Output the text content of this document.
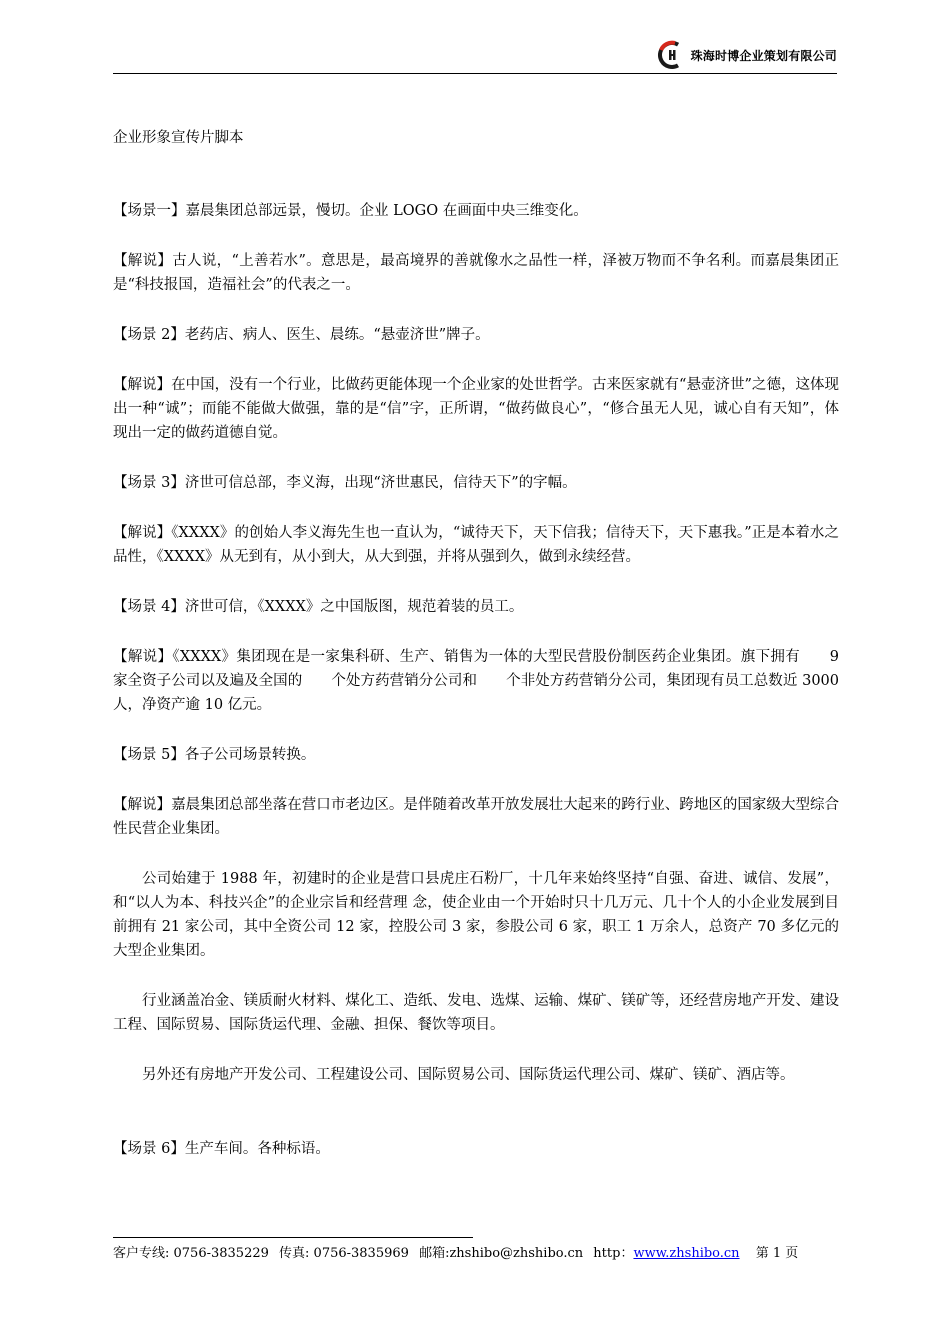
珠海时博企业策划有限公司
企业形象宣传片脚本

【场景一】嘉晨集团总部远景，慢切。企业 LOGO 在画面中央三维变化。

【解说】古人说，“上善若水”。意思是，最高境界的善就像水之品性一样，泽被万物而不争名利。而嘉晨集团正是“科技报国，造福社会”的代表之一。

【场景 2】老药店、病人、医生、晨练。“悬壶济世”牌子。

【解说】在中国，没有一个行业，比做药更能体现一个企业家的处世哲学。古来医家就有“悬壶济世”之德，这体现出一种“诚”；而能不能做大做强，靠的是“信”字，正所谓，“做药做良心”，“修合虽无人见，诚心自有天知”，体现出一定的做药道德自觉。

【场景 3】济世可信总部，李义海，出现“济世惠民，信待天下”的字幅。

【解说】《XXXX》的创始人李义海先生也一直认为，“诚待天下，天下信我；信待天下，天下惠我。”正是本着水之品性，《XXXX》从无到有，从小到大，从大到强，并将从强到久，做到永续经营。

【场景 4】济世可信，《XXXX》之中国版图，规范着装的员工。

【解说】《XXXX》集团现在是一家集科研、生产、销售为一体的大型民营股份制医药企业集团。旗下拥有　　9 家全资子公司以及遍及全国的　　个处方药营销分公司和　　个非处方药营销分公司，集团现有员工总数近 3000 人，净资产逾 10 亿元。

【场景 5】各子公司场景转换。

【解说】嘉晨集团总部坐落在营口市老边区。是伴随着改革开放发展壮大起来的跨行业、跨地区的国家级大型综合性民营企业集团。

公司始建于 1988 年，初建时的企业是营口县虎庄石粉厂，十几年来始终坚持“自强、奋进、诚信、发展”，和“以人为本、科技兴企”的企业宗旨和经营理 念，使企业由一个开始时只十几万元、几十个人的小企业发展到目前拥有 21 家公司，其中全资公司 12 家，控股公司 3 家，参股公司 6 家，职工 1 万余人，总资产 70 多亿元的大型企业集团。

行业涵盖冶金、镁质耐火材料、煤化工、造纸、发电、选煤、运输、煤矿、镁矿等，还经营房地产开发、建设工程、国际贸易、国际货运代理、金融、担保、餐饮等项目。

另外还有房地产开发公司、工程建设公司、国际贸易公司、国际货运代理公司、煤矿、镁矿、酒店等。

【场景 6】生产车间。各种标语。

客户专线: 0756-3835229 传真: 0756-3835969 邮箱:zhshibo@zhshibo.cn http：www.zhshibo.cn 第 1 页
